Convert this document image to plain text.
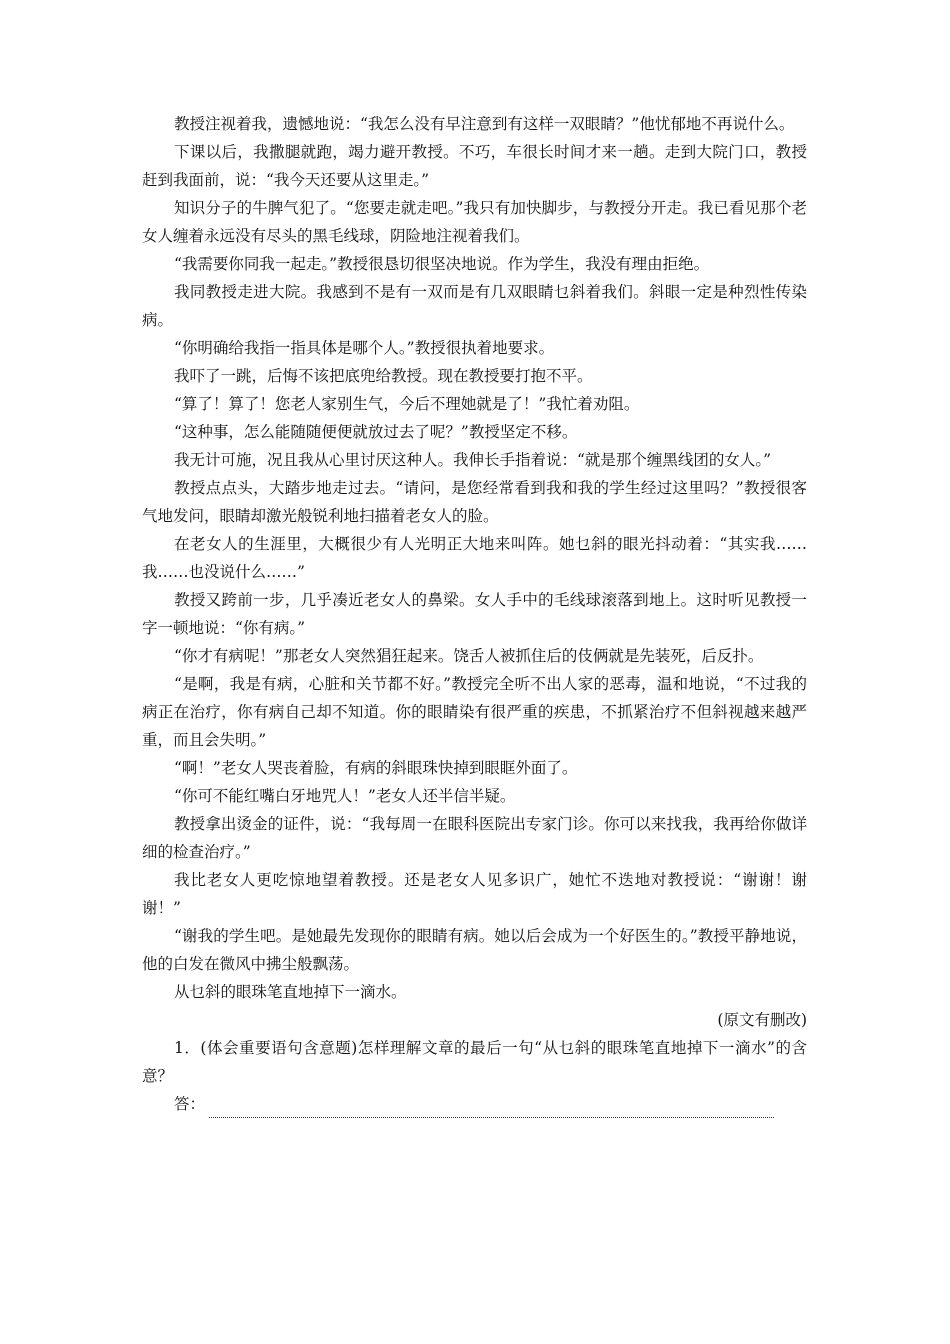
教授注视着我，遗憾地说：“我怎么没有早注意到有这样一双眼睛？”他忧郁地不再说什么。

下课以后，我撒腿就跑，竭力避开教授。不巧，车很长时间才来一趟。走到大院门口，教授赶到我面前，说：“我今天还要从这里走。”

知识分子的牛脾气犯了。“您要走就走吧。”我只有加快脚步，与教授分开走。我已看见那个老女人缠着永远没有尽头的黑毛线球，阴险地注视着我们。

“我需要你同我一起走。”教授很恳切很坚决地说。作为学生，我没有理由拒绝。

我同教授走进大院。我感到不是有一双而是有几双眼睛乜斜着我们。斜眼一定是种烈性传染病。

“你明确给我指一指具体是哪个人。”教授很执着地要求。

我吓了一跳，后悔不该把底兜给教授。现在教授要打抱不平。

“算了！算了！您老人家别生气，今后不理她就是了！”我忙着劝阻。

“这种事，怎么能随随便便就放过去了呢？”教授坚定不移。

我无计可施，况且我从心里讨厌这种人。我伸长手指着说：“就是那个缠黑线团的女人。”

教授点点头，大踏步地走过去。“请问，是您经常看到我和我的学生经过这里吗？”教授很客气地发问，眼睛却激光般锐利地扫描着老女人的脸。

在老女人的生涯里，大概很少有人光明正大地来叫阵。她乜斜的眼光抖动着：“其实我……我……也没说什么……”

教授又跨前一步，几乎凑近老女人的鼻梁。女人手中的毛线球滚落到地上。这时听见教授一字一顿地说：“你有病。”

“你才有病呢！”那老女人突然猖狂起来。饶舌人被抓住后的伎俩就是先装死，后反扑。

“是啊，我是有病，心脏和关节都不好。”教授完全听不出人家的恶毒，温和地说，“不过我的病正在治疗，你有病自己却不知道。你的眼睛染有很严重的疾患，不抓紧治疗不但斜视越来越严重，而且会失明。”

“啊！”老女人哭丧着脸，有病的斜眼珠快掉到眼眶外面了。

“你可不能红嘴白牙地咒人！”老女人还半信半疑。

教授拿出烫金的证件，说：“我每周一在眼科医院出专家门诊。你可以来找我，我再给你做详细的检查治疗。”

我比老女人更吃惊地望着教授。还是老女人见多识广，她忙不迭地对教授说：“谢谢！谢谢！”

“谢我的学生吧。是她最先发现你的眼睛有病。她以后会成为一个好医生的。”教授平静地说，他的白发在微风中拂尘般飘荡。

从乜斜的眼珠笔直地掉下一滴水。

(原文有删改)

1．(体会重要语句含意题)怎样理解文章的最后一句“从乜斜的眼珠笔直地掉下一滴水”的含意？

答：
